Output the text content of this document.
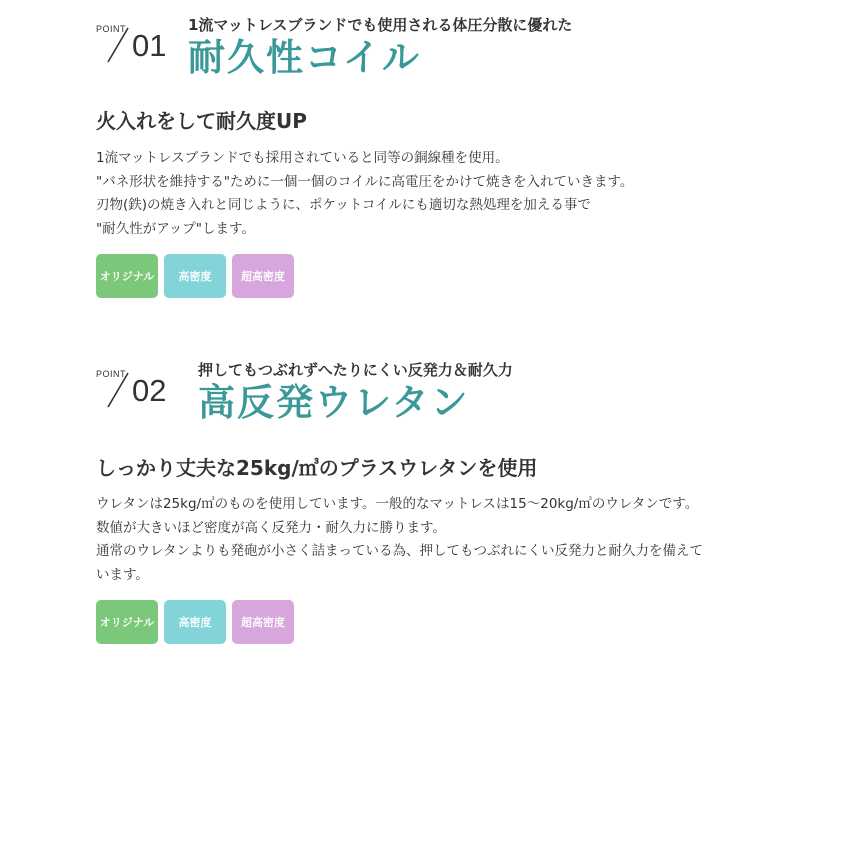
POINT 01
1流マットレスブランドでも使用される体圧分散に優れた
耐久性コイル
火入れをして耐久度UP

1流マットレスブランドでも採用されていると同等の銅線種を使用。

"バネ形状を維持する"ために一個一個のコイルに高電圧をかけて焼きを入れていきます。

刃物(鉄)の焼き入れと同じように、ポケットコイルにも適切な熱処理を加える事で

"耐久性がアップ"します。

オリジナル	高密度	超高密度
POINT 02
押してもつぶれずへたりにくい反発力＆耐久力
高反発ウレタン
しっかり丈夫な25kg/㎥のプラスウレタンを使用

ウレタンは25kg/㎥のものを使用しています。一般的なマットレスは15〜20kg/㎥のウレタンです。

数値が大きいほど密度が高く反発力・耐久力に勝ります。

通常のウレタンよりも発砲が小さく詰まっている為、押してもつぶれにくい反発力と耐久力を備えて

います。

オリジナル	高密度	超高密度
